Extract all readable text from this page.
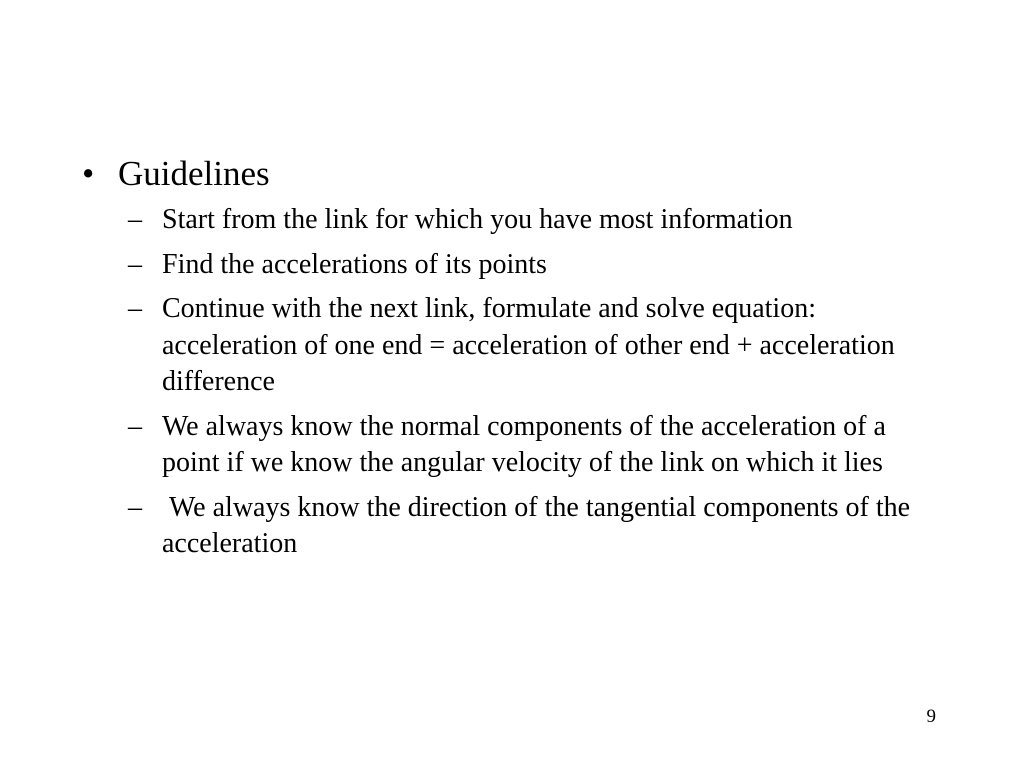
• Guidelines
– Start from the link for which you have most information
– Find the accelerations of its points
– Continue with the next link, formulate and solve equation: acceleration of one end = acceleration of other end + acceleration difference
– We always know the normal components of the acceleration of a point if we know the angular velocity of the link on which it lies
– We always know the direction of the tangential components of the acceleration
9
